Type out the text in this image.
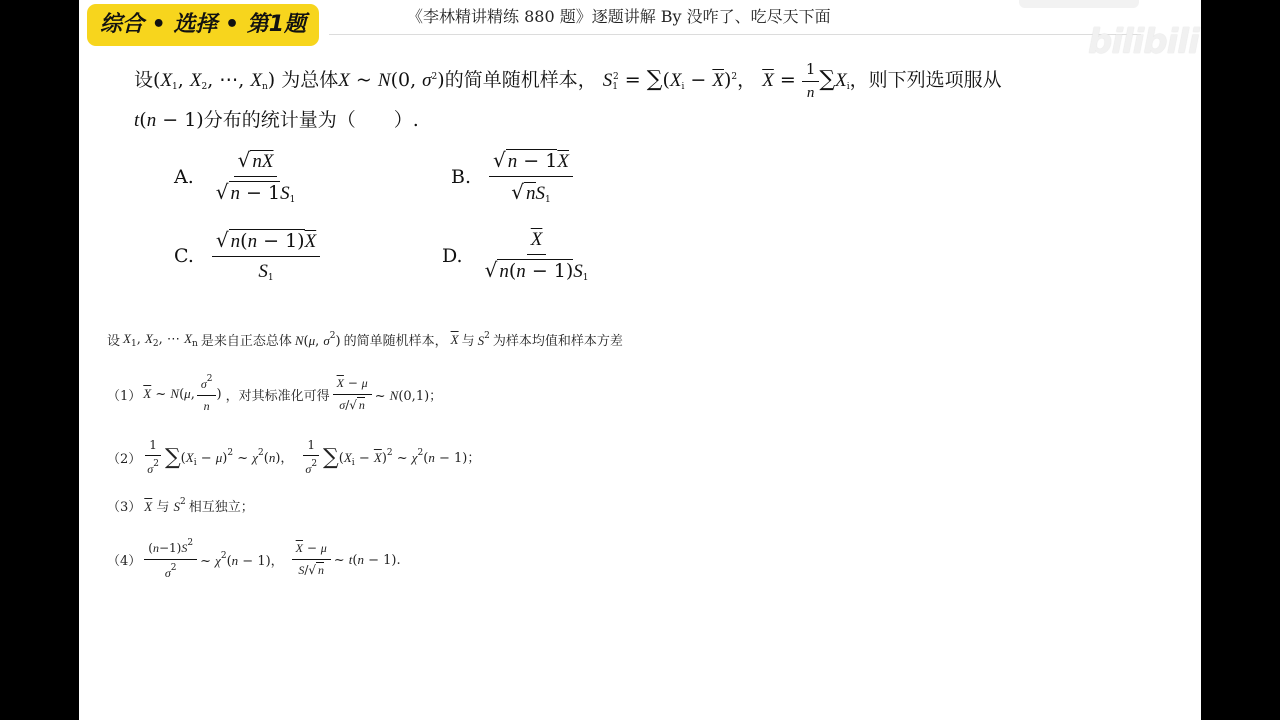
综合 • 选择 • 第1题	《李林精讲精练 880 题》逐题讲解 By 没咋了、吃尽天下面
设($X_1$, $X_2$, ⋯, $X_n$) 为总体X ~ N(0, $\sigma^2$)的简单随机样本， $S_1^2 = \sum(X_i - \overline{X})^2$， $\overline{X} = \frac{1}{n} \sum X_i$，则下列选项服从
t(n − 1)分布的统计量为（　　）.
A. $\frac{√ n\overline{X}}{√ n - 1S_1}$	B. $\frac{√ n - 1\overline{X}}{√ nS_1}$
C. $\frac{√ n(n - 1)\overline{X}}{S_1}$	D. $\frac{\overline{X}}{√ n(n - 1)S_1}$
设 $X_1$, $X_2$, ⋯ $X_n$ 是来自正态总体 N(μ, $\sigma^2$) 的简单随机样本， $\overline{X}$ 与 $S^2$ 为样本均值和样本方差
（1） $\overline{X}$ ~ N(μ, $\frac{\sigma^2}{n}$ ) ，对其标准化可得 $\frac{\overline{X} - \mu}{\sigma/√ n}$ ~ N(0,1)；
$(2) \frac{1}{\sigma^2}$ ∑ $(X_i - \mu)^2$ ~ $\chi^2(n)$， $\frac{1}{\sigma^2}$ ∑ $(X_i - \overline{X})^2$ ~ $\chi^2(n - 1)$；
（3） $\overline{X}$ 与 $S^2$ 相互独立；
$(4) \frac{(n-1)S^2}{\sigma^2}$ ~ $\chi^2(n - 1)$， $\frac{\overline{X} - \mu}{S/√ n}$ ~ t(n − 1).
bilibili
